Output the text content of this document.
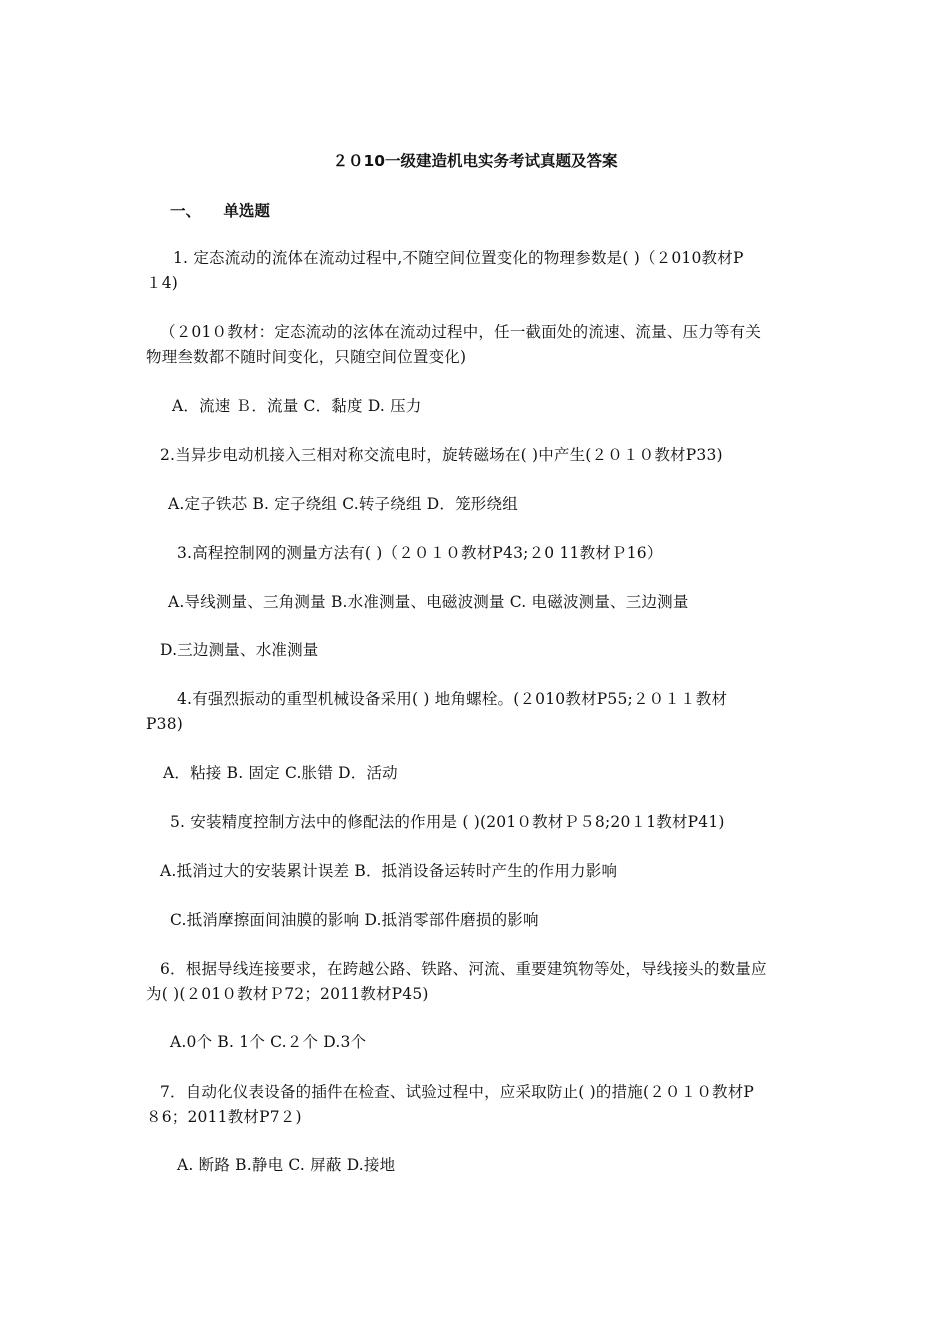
２０10一级建造机电实务考试真题及答案
一、 单选题
1. 定态流动的流体在流动过程中,不随空间位置变化的物理参数是( )（２010教材P
１4)
（２01０教材：定态流动的泫体在流动过程中，任一截面处的流速、流量、压力等有关
物理叁数都不随时间变化，只随空间位置变化)
A．流速 Ｂ．流量 C．黏度 D. 压力
2.当异步电动机接入三相对称交流电时，旋转磁场在( )中产生(２０１０教材P33)
A.定子铁芯 B. 定子绕组 C.转子绕组 D．笼形绕组
3.高程控制网的测量方法有( )（２０１０教材P43;２0 11教材Ｐ16）
A.导线测量、三角测量 B.水准测量、电磁波测量 C. 电磁波测量、三边测量
D.三边测量、水准测量
4.有强烈振动的重型机械设备采用( ) 地角螺栓。(２010教材P55;２０１１教材
P38)
A．粘接 B. 固定 C.胀错 D．活动
5. 安装精度控制方法中的修配法的作用是 ( )(201０教材Ｐ５8;20１1教材P41)
A.抵消过大的安装累计误差 B．抵消设备运转时产生的作用力影响
C.抵消摩擦面间油膜的影响 D.抵消零部件磨损的影响
6．根据导线连接要求，在跨越公路、铁路、河流、重要建筑物等处，导线接头的数量应
为( )(２01０教材Ｐ72；2011教材P45)
A.0个 B. 1个 C.２个 D.3个
7．自动化仪表设备的插件在检查、试验过程中，应采取防止( )的措施(２０１０教材P
８6；2011教材P7２)
A. 断路 B.静电 C. 屏蔽 D.接地
